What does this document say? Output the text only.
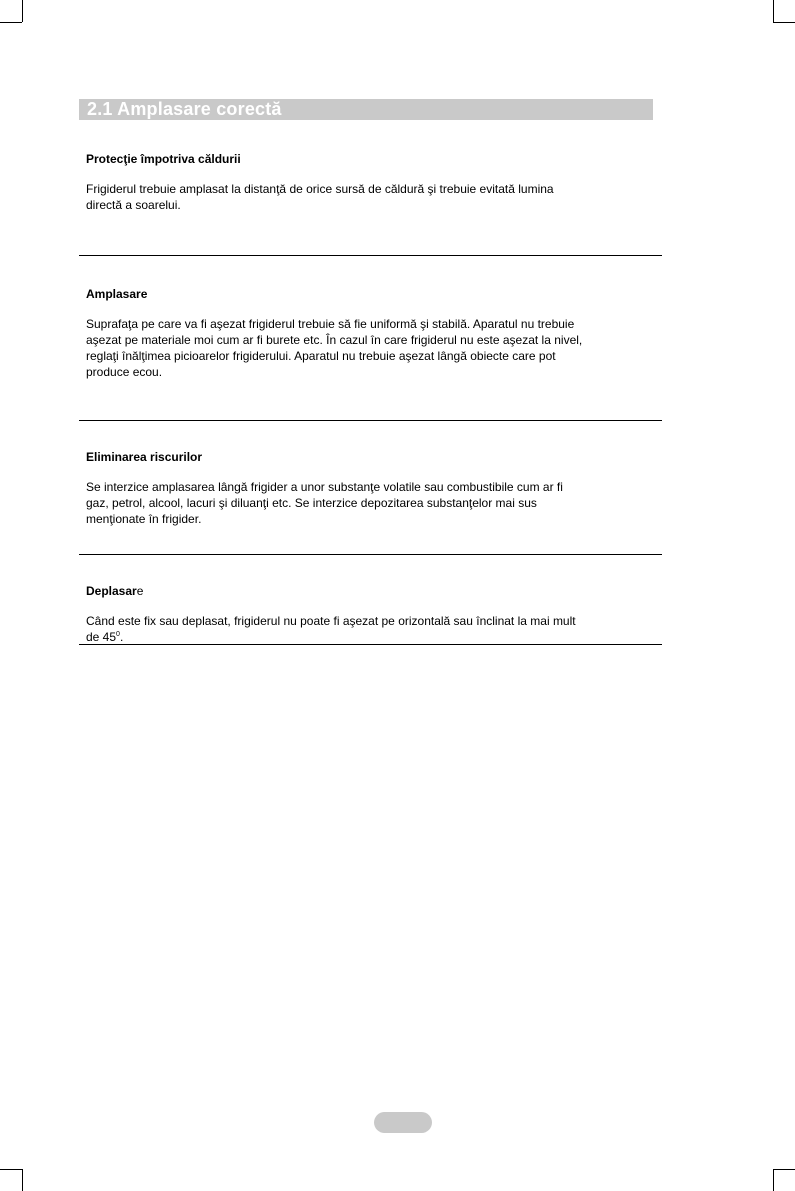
2.1 Amplasare corectă
Protecţie împotriva căldurii

Frigiderul trebuie amplasat la distanţă de orice sursă de căldură şi trebuie evitată lumina directă a soarelui.

Amplasare

Suprafaţa pe care va fi aşezat frigiderul trebuie să fie uniformă şi stabilă. Aparatul nu trebuie aşezat pe materiale moi cum ar fi burete etc. În cazul în care frigiderul nu este aşezat la nivel, reglaţi înălţimea picioarelor frigiderului. Aparatul nu trebuie aşezat lângă obiecte care pot produce ecou.

Eliminarea riscurilor

Se interzice amplasarea lângă frigider a unor substanţe volatile sau combustibile cum ar fi gaz, petrol, alcool, lacuri şi diluanţi etc. Se interzice depozitarea substanţelor mai sus menţionate în frigider.

Deplasare

Când este fix sau deplasat, frigiderul nu poate fi aşezat pe orizontală sau înclinat la mai mult de $45^0$.
